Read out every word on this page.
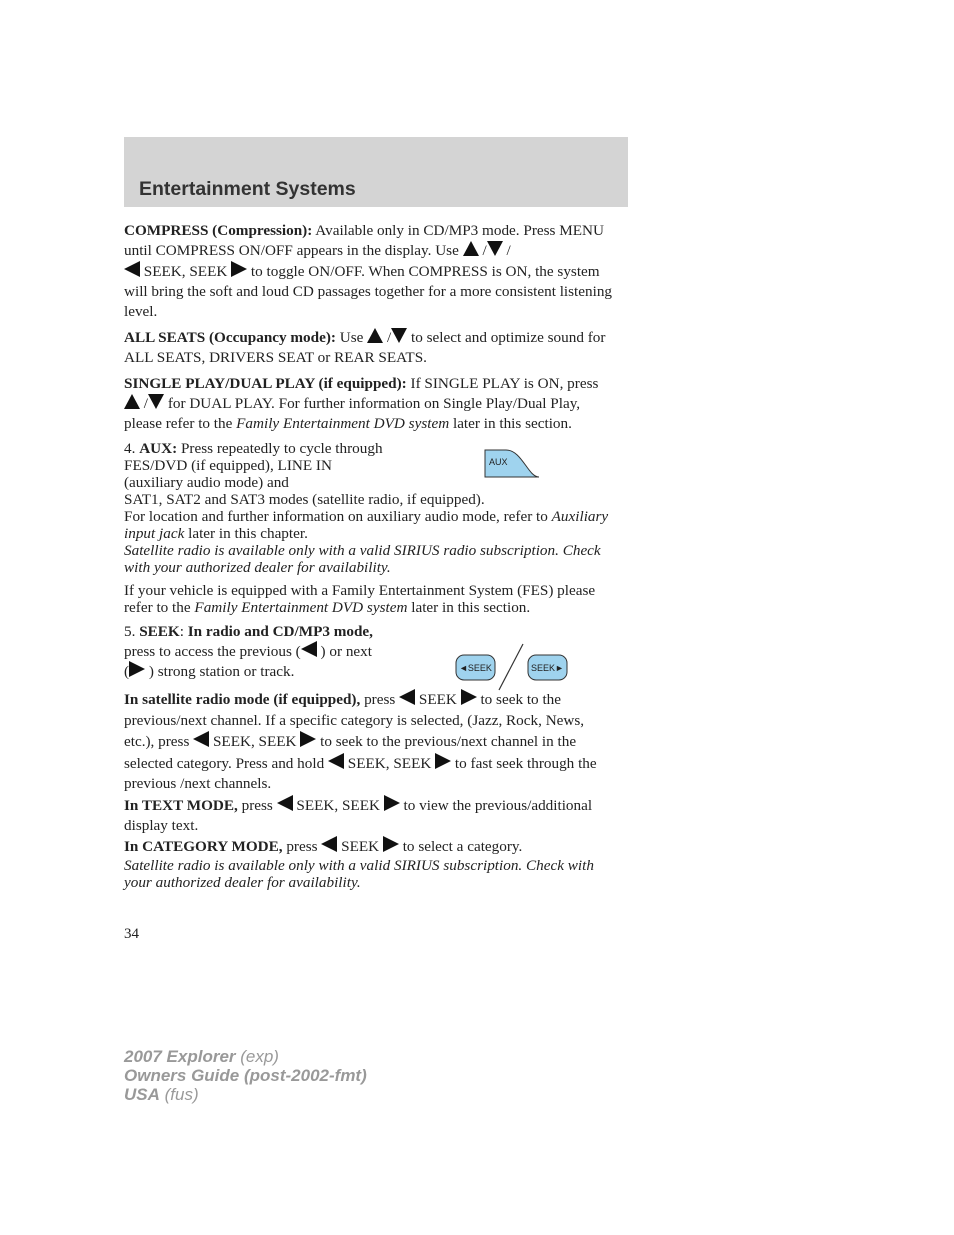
Entertainment Systems

COMPRESS (Compression): Available only in CD/MP3 mode. Press MENU until COMPRESS ON/OFF appears in the display. Use  / /
SEEK, SEEK  to toggle ON/OFF. When COMPRESS is ON, the system will bring the soft and loud CD passages together for a more consistent listening level.

ALL SEATS (Occupancy mode): Use  / to select and optimize sound for ALL SEATS, DRIVERS SEAT or REAR SEATS.

SINGLE PLAY/DUAL PLAY (if equipped): If SINGLE PLAY is ON, press  / for DUAL PLAY. For further information on Single Play/Dual Play, please refer to the Family Entertainment DVD system later in this section.

4. AUX: Press repeatedly to cycle through FES/DVD (if equipped), LINE IN (auxiliary audio mode) and
SAT1, SAT2 and SAT3 modes (satellite radio, if equipped).
For location and further information on auxiliary audio mode, refer to Auxiliary input jack later in this chapter.
Satellite radio is available only with a valid SIRIUS radio subscription. Check with your authorized dealer for availability.

If your vehicle is equipped with a Family Entertainment System (FES) please refer to the Family Entertainment DVD system later in this section.

5. SEEK: In radio and CD/MP3 mode, press to access the previous ( ) or next ( ) strong station or track.

In satellite radio mode (if equipped), press  SEEK  to seek to the previous/next channel. If a specific category is selected, (Jazz, Rock, News, etc.), press  SEEK, SEEK  to seek to the previous/next channel in the selected category. Press and hold  SEEK, SEEK  to fast seek through the previous /next channels.

In TEXT MODE, press  SEEK, SEEK  to view the previous/additional display text.

In CATEGORY MODE, press  SEEK  to select a category.

Satellite radio is available only with a valid SIRIUS subscription. Check with your authorized dealer for availability.

AUX
◄SEEK	SEEK►
34
2007 Explorer (exp)
Owners Guide (post-2002-fmt)
USA (fus)
